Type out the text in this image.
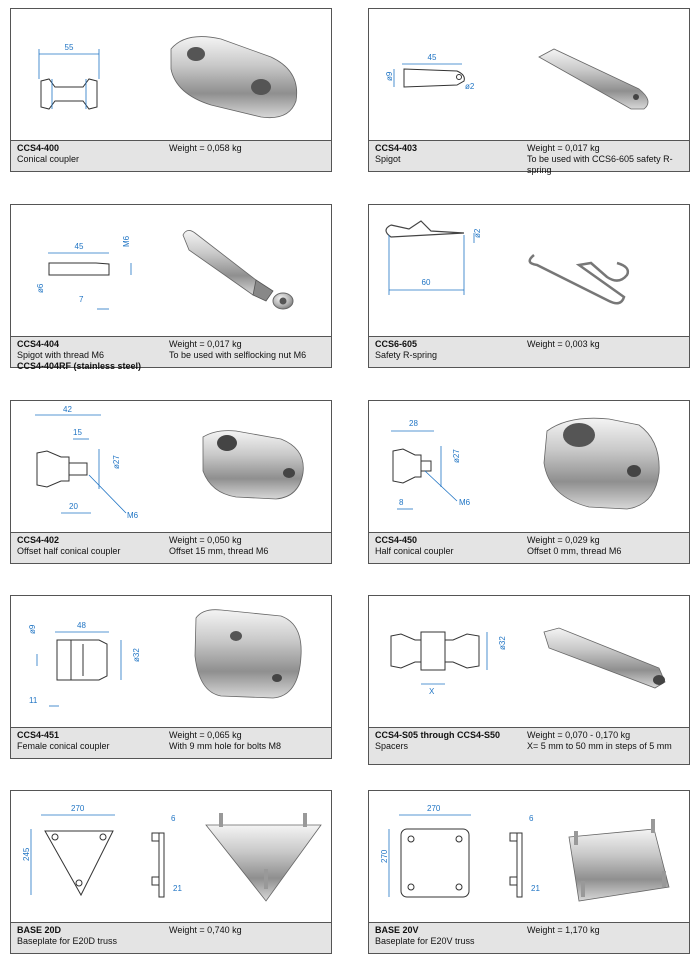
55
CCS4-400
Conical coupler
Weight = 0,058 kg
45
ø9
ø2
CCS4-403
Spigot
Weight = 0,017 kg
To be used with CCS6-605 safety R-spring
45	M6
ø6
7
CCS4-404
Spigot with thread M6
CCS4-404RF (stainless steel)
Weight = 0,017 kg
To be used with selflocking nut M6
ø2
60
CCS6-605
Safety R-spring
Weight = 0,003 kg
42
15
ø27
20
M6
CCS4-402
Offset half conical coupler
Weight = 0,050 kg
Offset 15 mm, thread M6
28
ø27
8	M6
CCS4-450
Half conical coupler
Weight = 0,029 kg
Offset 0 mm, thread M6
48
ø9
ø32
11
CCS4-451
Female conical coupler
Weight = 0,065 kg
With 9 mm hole for bolts M8
X
ø32
CCS4-S05 through CCS4-S50
Spacers
Weight = 0,070 - 0,170 kg
X= 5 mm to 50 mm in steps of 5 mm
270
245
6
21
BASE 20D
Baseplate for E20D truss
Weight = 0,740 kg
270
270
6
21
BASE 20V
Baseplate for E20V truss
Weight = 1,170 kg
